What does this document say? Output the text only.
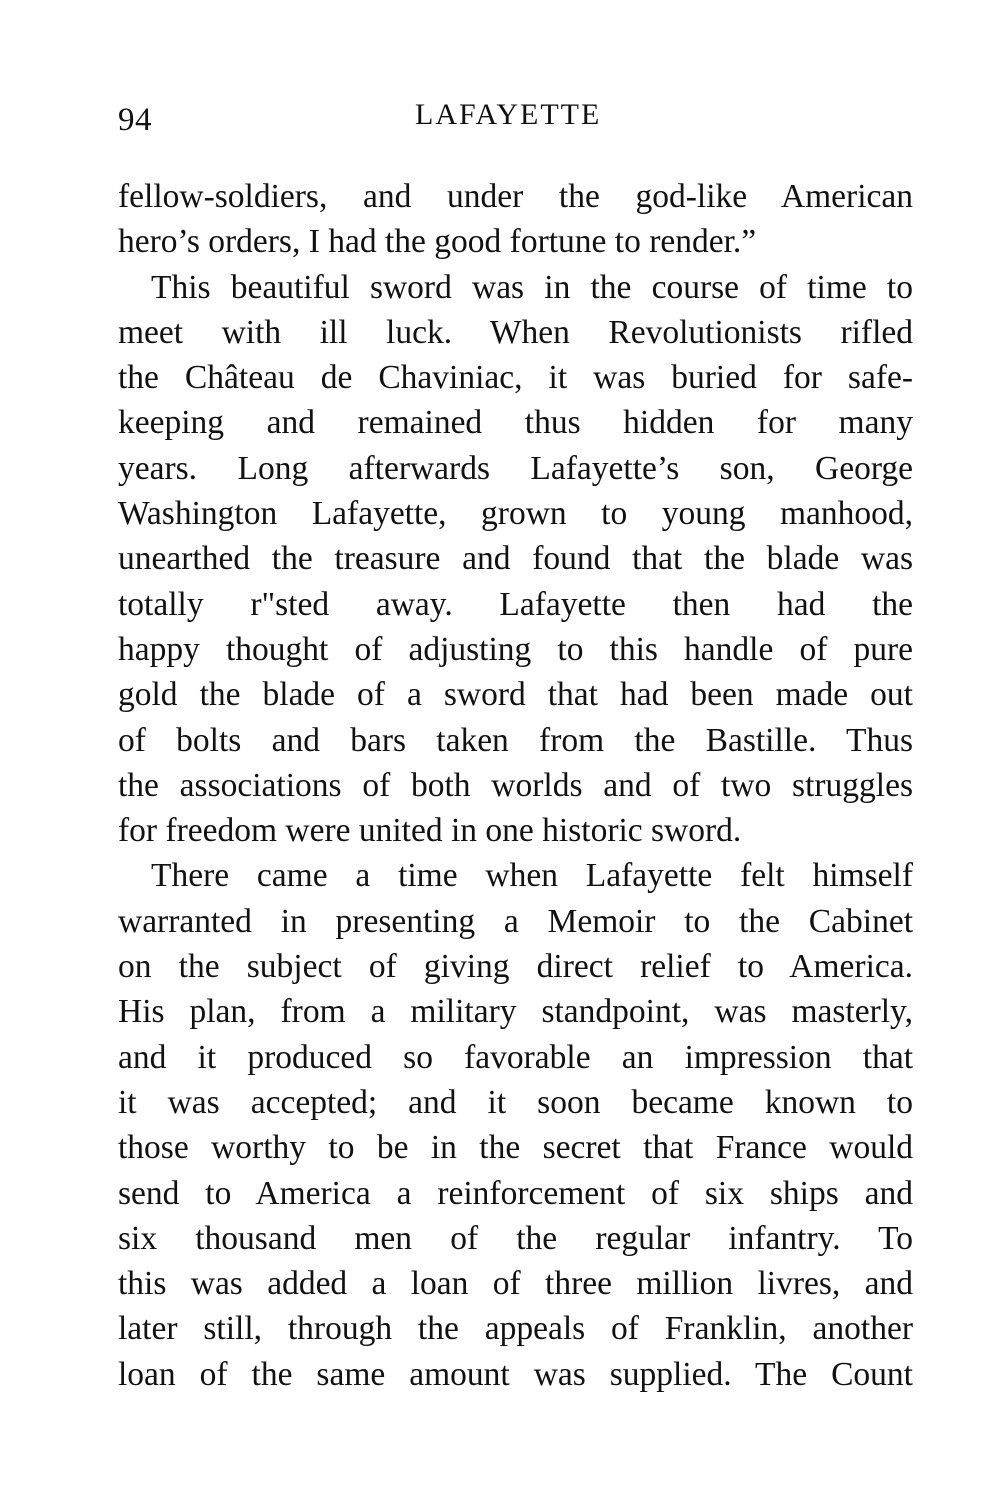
94	LAFAYETTE
fellow-soldiers, and under the god-like American
hero’s orders, I had the good fortune to render.”
This beautiful sword was in the course of time to
meet with ill luck. When Revolutionists rifled
the Château de Chaviniac, it was buried for safe-
keeping and remained thus hidden for many
years. Long afterwards Lafayette’s son, George
Washington Lafayette, grown to young manhood,
unearthed the treasure and found that the blade was
totally r"sted away. Lafayette then had the
happy thought of adjusting to this handle of pure
gold the blade of a sword that had been made out
of bolts and bars taken from the Bastille. Thus
the associations of both worlds and of two struggles
for freedom were united in one historic sword.
There came a time when Lafayette felt himself
warranted in presenting a Memoir to the Cabinet
on the subject of giving direct relief to America.
His plan, from a military standpoint, was masterly,
and it produced so favorable an impression that
it was accepted; and it soon became known to
those worthy to be in the secret that France would
send to America a reinforcement of six ships and
six thousand men of the regular infantry. To
this was added a loan of three million livres, and
later still, through the appeals of Franklin, another
loan of the same amount was supplied. The Count
